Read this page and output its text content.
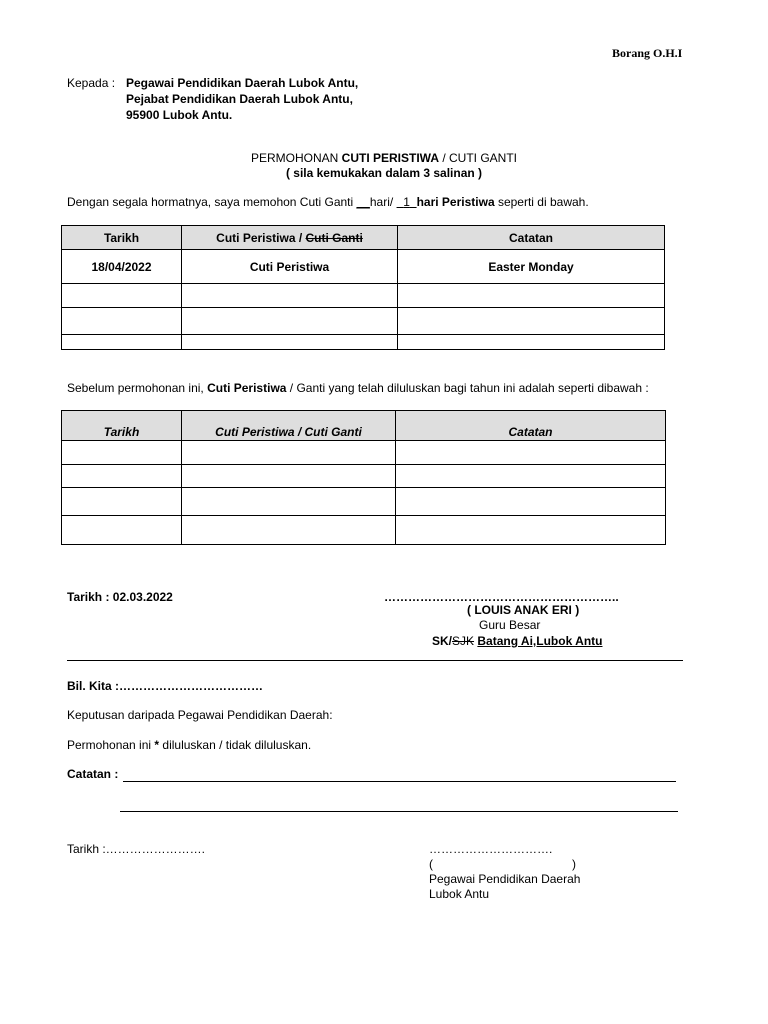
Borang O.H.I
Kepada : Pegawai Pendidikan Daerah Lubok Antu,
Pejabat Pendidikan Daerah Lubok Antu,
95900 Lubok Antu.
PERMOHONAN CUTI PERISTIWA / CUTI GANTI
( sila kemukakan dalam 3 salinan )
Dengan segala hormatnya, saya memohon Cuti Ganti __hari/   1 hari Peristiwa seperti di bawah.
Tarikh	Cuti Peristiwa / Cuti Ganti	Catatan
18/04/2022	Cuti Peristiwa	Easter Monday

Sebelum permohonan ini, Cuti Peristiwa / Ganti yang telah diluluskan bagi tahun ini adalah seperti dibawah :
Tarikh	Cuti Peristiwa / Cuti Ganti	Catatan

Tarikh : 02.03.2022	…………………………………………………..
( LOUIS ANAK ERI )
Guru Besar
SK/SJK Batang Ai,Lubok Antu
Bil. Kita :………………………………
Keputusan daripada Pegawai Pendidikan Daerah:
Permohonan ini * diluluskan / tidak diluluskan.
Catatan :
Tarikh :…………………….	………………………….
(	)
Pegawai Pendidikan Daerah
Lubok Antu
